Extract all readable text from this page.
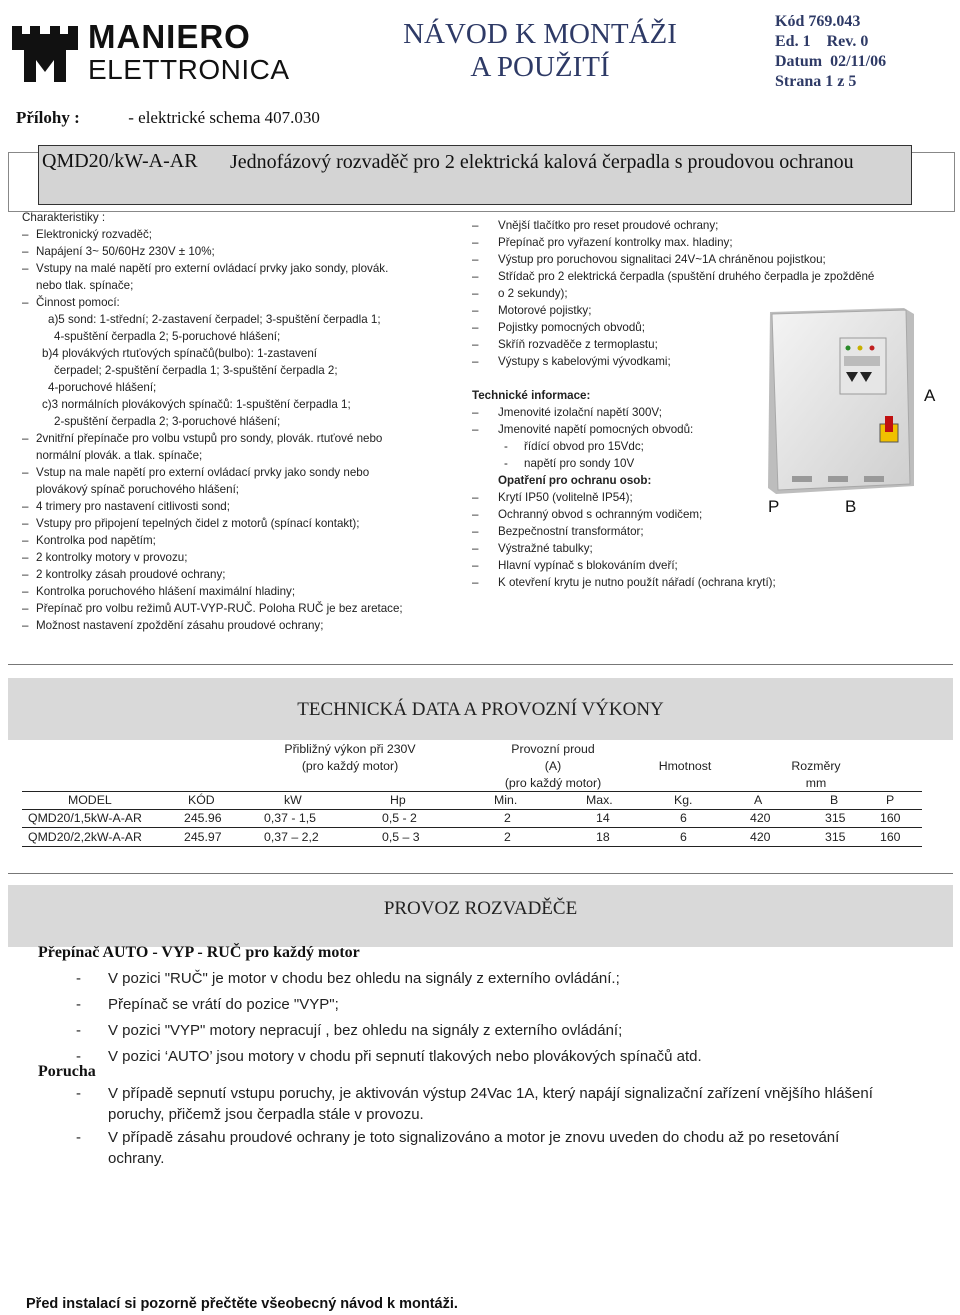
MANIERO
ELETTRONICA
NÁVOD K MONTÁŽI
A POUŽITÍ
Kód 769.043
Ed. 1    Rev. 0
Datum  02/11/06
Strana 1 z 5
Přílohy :	- elektrické schema 407.030
QMD20/kW-A-AR Jednofázový rozvaděč pro 2 elektrická kalová čerpadla s proudovou ochranou
Charakteristiky :
– Elektronický rozvaděč;
– Napájení 3~ 50/60Hz 230V ± 10%;
– Vstupy na malé napětí pro externí ovládací prvky jako sondy, plovák.
nebo tlak. spínače;
– Činnost pomocí:
a)5 sond: 1-střední; 2-zastavení čerpadel; 3-spuštění čerpadla 1;
4-spuštění čerpadla 2; 5-poruchové hlášení;
b)4 plovákvých rtuťových spínačů(bulbo): 1-zastavení
čerpadel; 2-spuštění čerpadla 1; 3-spuštění čerpadla 2;
4-poruchové hlášení;
c)3 normálních plovákových spínačů: 1-spuštění čerpadla 1;
2-spuštění čerpadla 2; 3-poruchové hlášení;
– 2vnitřní přepínače pro volbu vstupů pro sondy, plovák. rtuťové nebo
normální plovák. a tlak. spínače;
– Vstup na male napětí pro externí ovládací prvky jako sondy nebo
plovákový spínač poruchového hlášení;
– 4 trimery pro nastavení citlivosti sond;
– Vstupy pro připojení tepelných čidel z motorů (spínací kontakt);
– Kontrolka pod napětím;
– 2 kontrolky motory v provozu;
– 2 kontrolky zásah proudové ochrany;
– Kontrolka poruchového hlášení maximální hladiny;
– Přepínač pro volbu režimů AUT-VYP-RUČ. Poloha RUČ je bez aretace;
– Možnost nastavení zpoždění zásahu proudové ochrany;
– Vnější tlačítko pro reset proudové ochrany;
– Přepínač pro vyřazení kontrolky max. hladiny;
– Výstup pro poruchovou signalitaci 24V~1A chráněnou pojistkou;
– Střídač pro 2 elektrická čerpadla (spuštění druhého čerpadla je zpožděné
– o 2 sekundy);
– Motorové pojistky;
– Pojistky pomocných obvodů;
– Skříň rozvaděče z termoplastu;
– Výstupy s kabelovými vývodkami;
Technické informace:
– Jmenovité izolační napětí 300V;
– Jmenovité napětí pomocných obvodů:
- řídící obvod pro 15Vdc;
- napětí pro sondy 10V
Opatření pro ochranu osob:
– Krytí IP50 (volitelně IP54);
– Ochranný obvod s ochranným vodičem;
– Bezpečnostní transformátor;
– Výstražné tabulky;
– Hlavní vypínač s blokováním dveří;
– K otevření krytu je nutno použít nářadí (ochrana krytí);
A
P	B
TECHNICKÁ DATA A PROVOZNÍ VÝKONY
Přibližný výkon při 230V
(pro každý motor)
Provozní proud
(A)
(pro každý motor)
Hmotnost	Rozměry
mm
MODEL	KÓD	kW	Hp	Min.	Max.	Kg.	A	B	P
QMD20/1,5kW-A-AR	245.96	0,37 - 1,5	0,5 - 2	2	14	6	420	315	160
QMD20/2,2kW-A-AR	245.97	0,37 – 2,2	0,5 – 3	2	18	6	420	315	160
PROVOZ ROZVADĚČE
Přepínač AUTO - VYP - RUČ pro každý motor
- V pozici "RUČ" je motor v chodu bez ohledu na signály z externího ovládání.;
- Přepínač se vrátí do pozice "VYP";
- V pozici "VYP" motory nepracují , bez ohledu na signály z externího ovládání;
- V pozici ‘AUTO’ jsou motory v chodu při sepnutí tlakových nebo plovákových spínačů atd.
Porucha
- V případě sepnutí vstupu poruchy, je aktivován výstup 24Vac 1A, který napájí signalizační zařízení vnějšího hlášení poruchy, přičemž jsou čerpadla stále v provozu.
- V případě zásahu proudové ochrany je toto signalizováno a motor je znovu uveden do chodu až po resetování ochrany.
Před instalací si pozorně přečtěte všeobecný návod k montáži.
